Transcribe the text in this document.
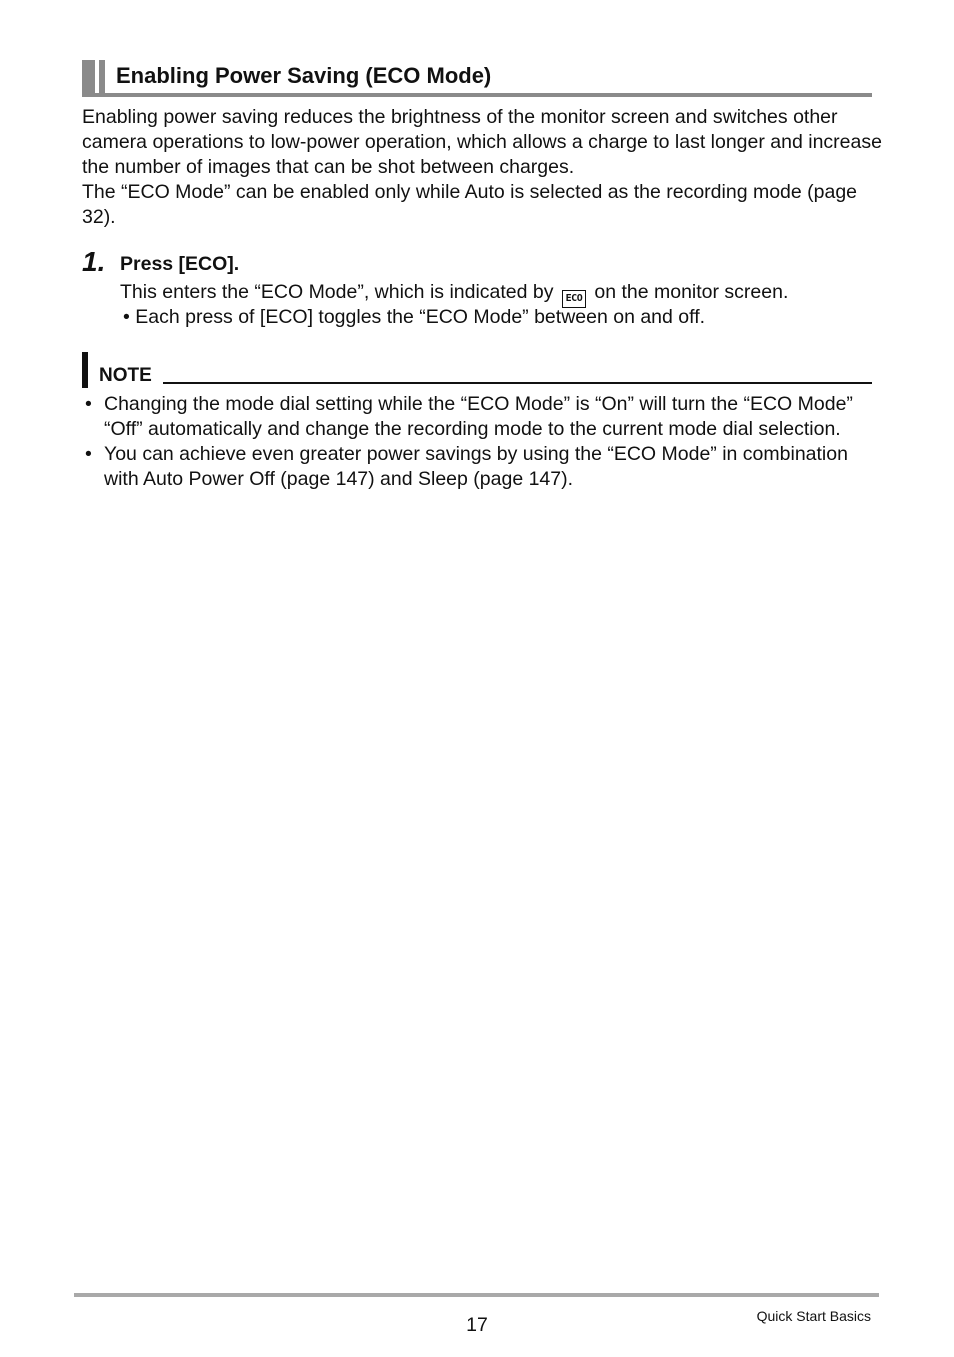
Enabling Power Saving (ECO Mode)

Enabling power saving reduces the brightness of the monitor screen and switches other camera operations to low-power operation, which allows a charge to last longer and increase the number of images that can be shot between charges.

The “ECO Mode” can be enabled only while Auto is selected as the recording mode (page 32).

1. Press [ECO].
This enters the “ECO Mode”, which is indicated by ECO on the monitor screen.
• Each press of [ECO] toggles the “ECO Mode” between on and off.
NOTE
• Changing the mode dial setting while the “ECO Mode” is “On” will turn the “ECO Mode” “Off” automatically and change the recording mode to the current mode dial selection.
• You can achieve even greater power savings by using the “ECO Mode” in combination with Auto Power Off (page 147) and Sleep (page 147).
17	Quick Start Basics
